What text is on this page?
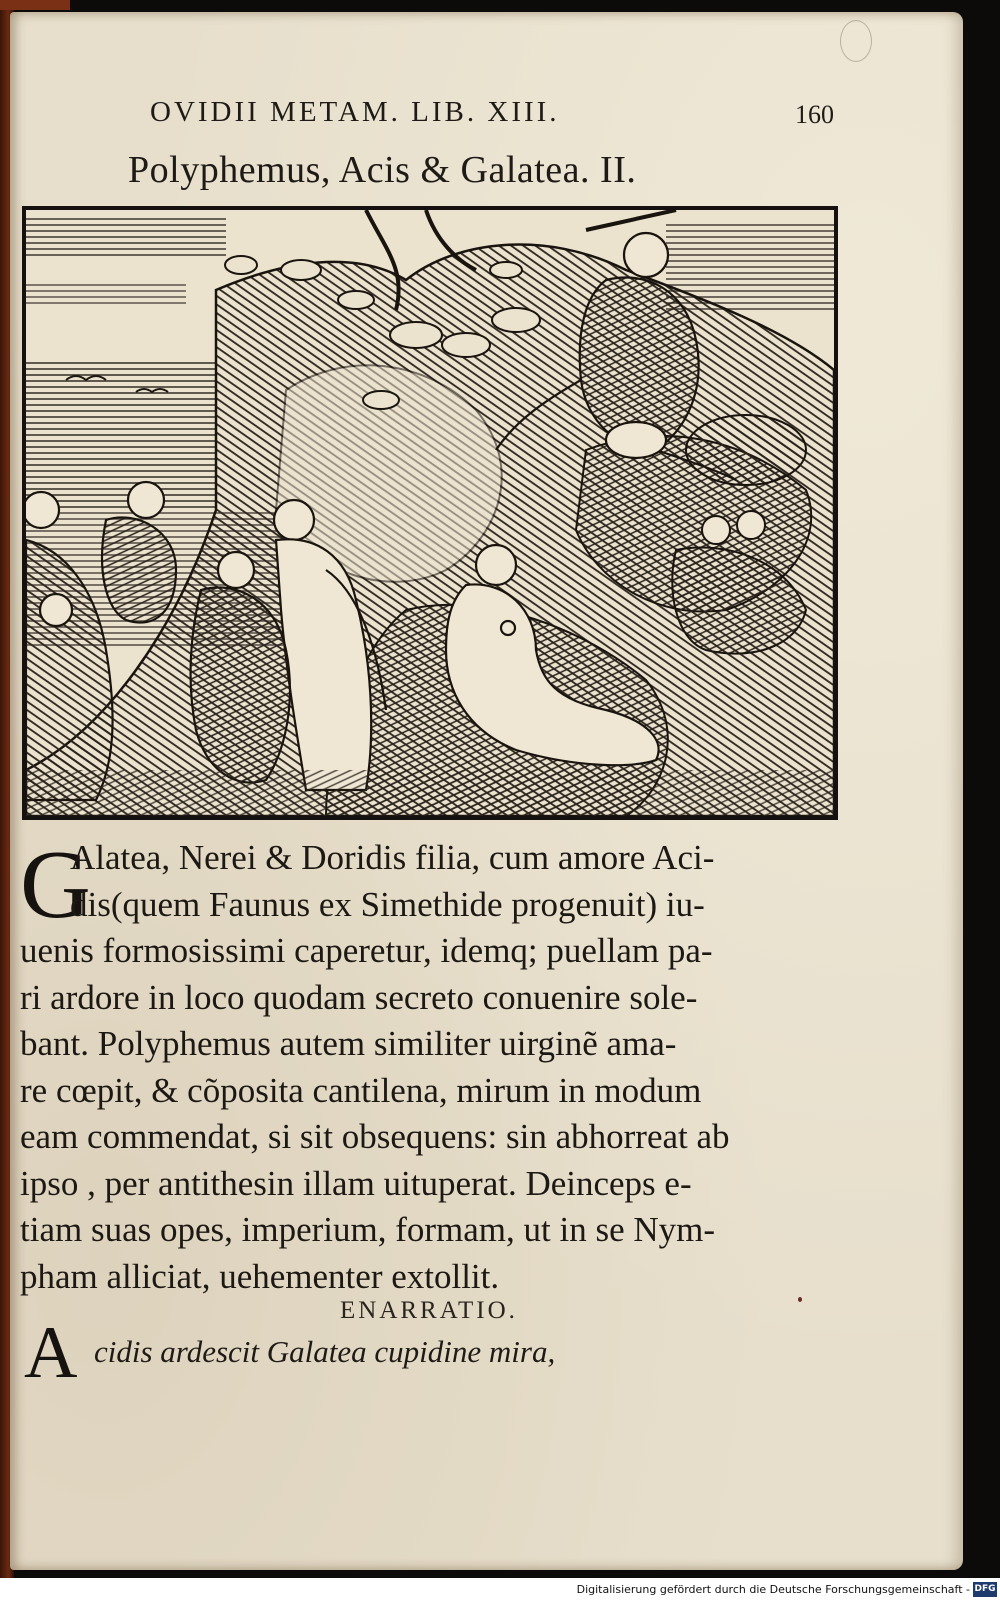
OVIDII METAM. LIB. XIII.	160
Polyphemus, Acis & Galatea. II.
G
Alatea, Nerei & Doridis filia, cum amore Aci-
dis(quem Faunus ex Simethide progenuit) iu-
uenis formosissimi caperetur, idemq; puellam pa-
ri ardore in loco quodam secreto conuenire sole-
bant. Polyphemus autem similiter uirginẽ ama-
re cœpit, & cõposita cantilena, mirum in modum
eam commendat, si sit obsequens: sin abhorreat ab
ipso , per antithesin illam uituperat. Deinceps e-
tiam suas opes, imperium, formam, ut in se Nym-
pham alliciat, uehementer extollit.
ENARRATIO.
A cidis ardescit Galatea cupidine mira,
Digitalisierung gefördert durch die Deutsche Forschungsgemeinschaft - DFG
